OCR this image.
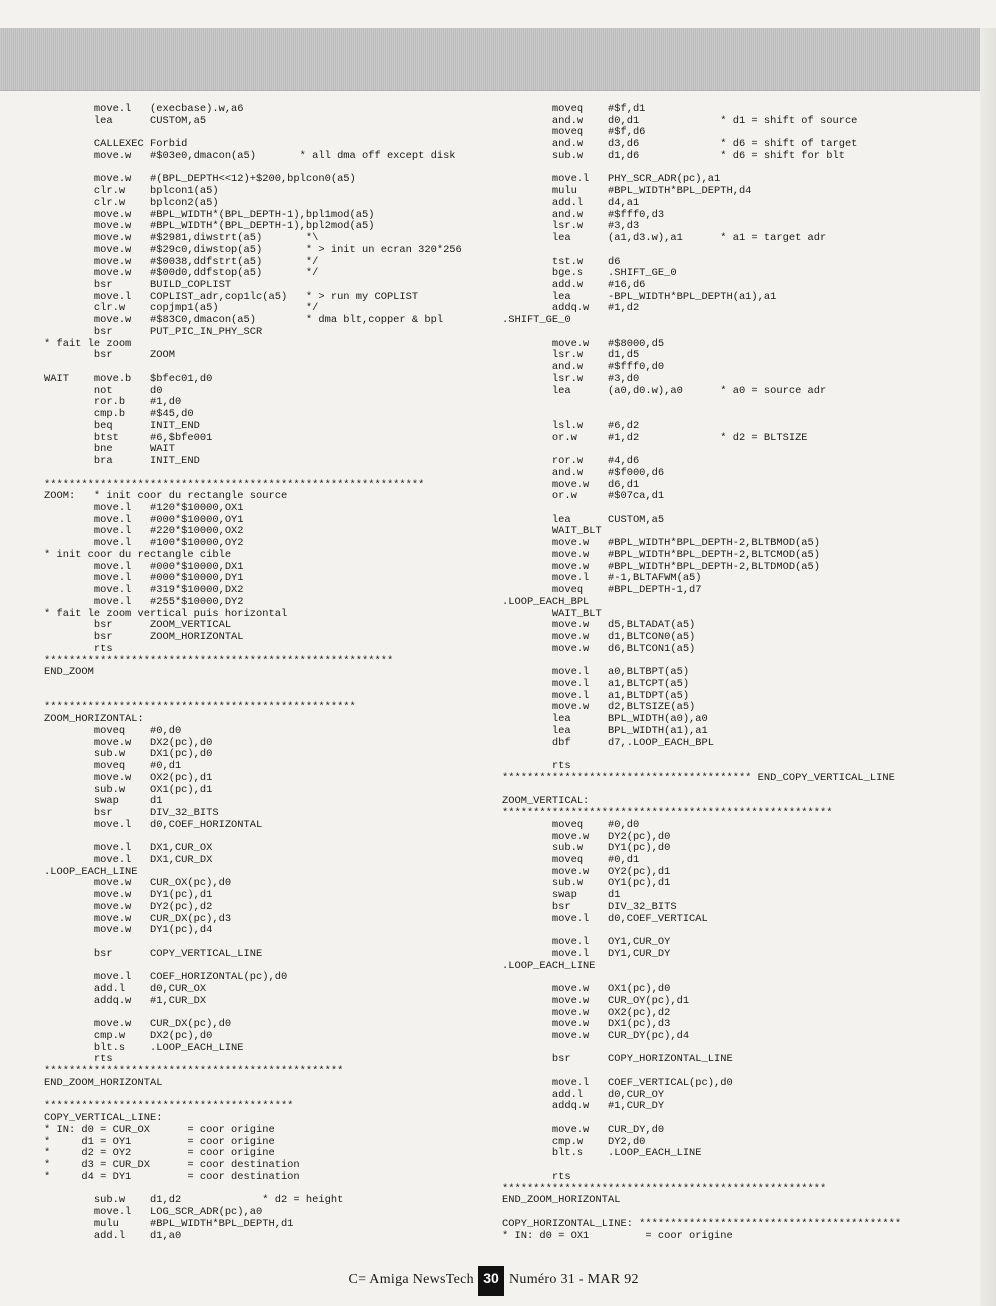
move.l   (execbase).w,a6
lea      CUSTOM,a5

CALLEXEC Forbid
move.w   #$03e0,dmacon(a5)       * all dma off except disk

move.w   #(BPL_DEPTH<<12)+$200,bplcon0(a5)
clr.w    bplcon1(a5)
clr.w    bplcon2(a5)
move.w   #BPL_WIDTH*(BPL_DEPTH-1),bpl1mod(a5)
move.w   #BPL_WIDTH*(BPL_DEPTH-1),bpl2mod(a5)
move.w   #$2981,diwstrt(a5)       *\
move.w   #$29c0,diwstop(a5)       * > init un ecran 320*256
move.w   #$0038,ddfstrt(a5)       */
move.w   #$00d0,ddfstop(a5)       */
bsr      BUILD_COPLIST
move.l   COPLIST_adr,cop1lc(a5)   * > run my COPLIST
clr.w    copjmp1(a5)              */
move.w   #$83C0,dmacon(a5)        * dma blt,copper & bpl
bsr      PUT_PIC_IN_PHY_SCR
* fait le zoom
bsr      ZOOM

WAIT    move.b   $bfec01,d0
not      d0
ror.b    #1,d0
cmp.b    #$45,d0
beq      INIT_END
btst     #6,$bfe001
bne      WAIT
bra      INIT_END

*************************************************************
ZOOM:   * init coor du rectangle source
move.l   #120*$10000,OX1
move.l   #000*$10000,OY1
move.l   #220*$10000,OX2
move.l   #100*$10000,OY2
* init coor du rectangle cible
move.l   #000*$10000,DX1
move.l   #000*$10000,DY1
move.l   #319*$10000,DX2
move.l   #255*$10000,DY2
* fait le zoom vertical puis horizontal
bsr      ZOOM_VERTICAL
bsr      ZOOM_HORIZONTAL
rts
********************************************************
END_ZOOM

**************************************************
ZOOM_HORIZONTAL:
moveq    #0,d0
move.w   DX2(pc),d0
sub.w    DX1(pc),d0
moveq    #0,d1
move.w   OX2(pc),d1
sub.w    OX1(pc),d1
swap     d1
bsr      DIV_32_BITS
move.l   d0,COEF_HORIZONTAL

move.l   DX1,CUR_OX
move.l   DX1,CUR_DX
.LOOP_EACH_LINE
move.w   CUR_OX(pc),d0
move.w   DY1(pc),d1
move.w   DY2(pc),d2
move.w   CUR_DX(pc),d3
move.w   DY1(pc),d4

bsr      COPY_VERTICAL_LINE

move.l   COEF_HORIZONTAL(pc),d0
add.l    d0,CUR_OX
addq.w   #1,CUR_DX

move.w   CUR_DX(pc),d0
cmp.w    DX2(pc),d0
blt.s    .LOOP_EACH_LINE
rts
************************************************
END_ZOOM_HORIZONTAL

****************************************
COPY_VERTICAL_LINE:
* IN: d0 = CUR_OX      = coor origine
*     d1 = OY1         = coor origine
*     d2 = OY2         = coor origine
*     d3 = CUR_DX      = coor destination
*     d4 = DY1         = coor destination

sub.w    d1,d2             * d2 = height
move.l   LOG_SCR_ADR(pc),a0
mulu     #BPL_WIDTH*BPL_DEPTH,d1
add.l    d1,a0
moveq    #$f,d1
and.w    d0,d1             * d1 = shift of source
moveq    #$f,d6
and.w    d3,d6             * d6 = shift of target
sub.w    d1,d6             * d6 = shift for blt

move.l   PHY_SCR_ADR(pc),a1
mulu     #BPL_WIDTH*BPL_DEPTH,d4
add.l    d4,a1
and.w    #$fff0,d3
lsr.w    #3,d3
lea      (a1,d3.w),a1      * a1 = target adr

tst.w    d6
bge.s    .SHIFT_GE_0
add.w    #16,d6
lea      -BPL_WIDTH*BPL_DEPTH(a1),a1
addq.w   #1,d2
.SHIFT_GE_0

move.w   #$8000,d5
lsr.w    d1,d5
and.w    #$fff0,d0
lsr.w    #3,d0
lea      (a0,d0.w),a0      * a0 = source adr

lsl.w    #6,d2
or.w     #1,d2             * d2 = BLTSIZE

ror.w    #4,d6
and.w    #$f000,d6
move.w   d6,d1
or.w     #$07ca,d1

lea      CUSTOM,a5
WAIT_BLT
move.w   #BPL_WIDTH*BPL_DEPTH-2,BLTBMOD(a5)
move.w   #BPL_WIDTH*BPL_DEPTH-2,BLTCMOD(a5)
move.w   #BPL_WIDTH*BPL_DEPTH-2,BLTDMOD(a5)
move.l   #-1,BLTAFWM(a5)
moveq    #BPL_DEPTH-1,d7
.LOOP_EACH_BPL
WAIT_BLT
move.w   d5,BLTADAT(a5)
move.w   d1,BLTCON0(a5)
move.w   d6,BLTCON1(a5)

move.l   a0,BLTBPT(a5)
move.l   a1,BLTCPT(a5)
move.l   a1,BLTDPT(a5)
move.w   d2,BLTSIZE(a5)
lea      BPL_WIDTH(a0),a0
lea      BPL_WIDTH(a1),a1
dbf      d7,.LOOP_EACH_BPL

rts
**************************************** END_COPY_VERTICAL_LINE

ZOOM_VERTICAL:
*****************************************************
moveq    #0,d0
move.w   DY2(pc),d0
sub.w    DY1(pc),d0
moveq    #0,d1
move.w   OY2(pc),d1
sub.w    OY1(pc),d1
swap     d1
bsr      DIV_32_BITS
move.l   d0,COEF_VERTICAL

move.l   OY1,CUR_OY
move.l   DY1,CUR_DY
.LOOP_EACH_LINE

move.w   OX1(pc),d0
move.w   CUR_OY(pc),d1
move.w   OX2(pc),d2
move.w   DX1(pc),d3
move.w   CUR_DY(pc),d4

bsr      COPY_HORIZONTAL_LINE

move.l   COEF_VERTICAL(pc),d0
add.l    d0,CUR_OY
addq.w   #1,CUR_DY

move.w   CUR_DY,d0
cmp.w    DY2,d0
blt.s    .LOOP_EACH_LINE

rts
****************************************************
END_ZOOM_HORIZONTAL

COPY_HORIZONTAL_LINE: ******************************************
* IN: d0 = OX1         = coor origine
C= Amiga NewsTech 30 Numéro 31 - MAR 92
